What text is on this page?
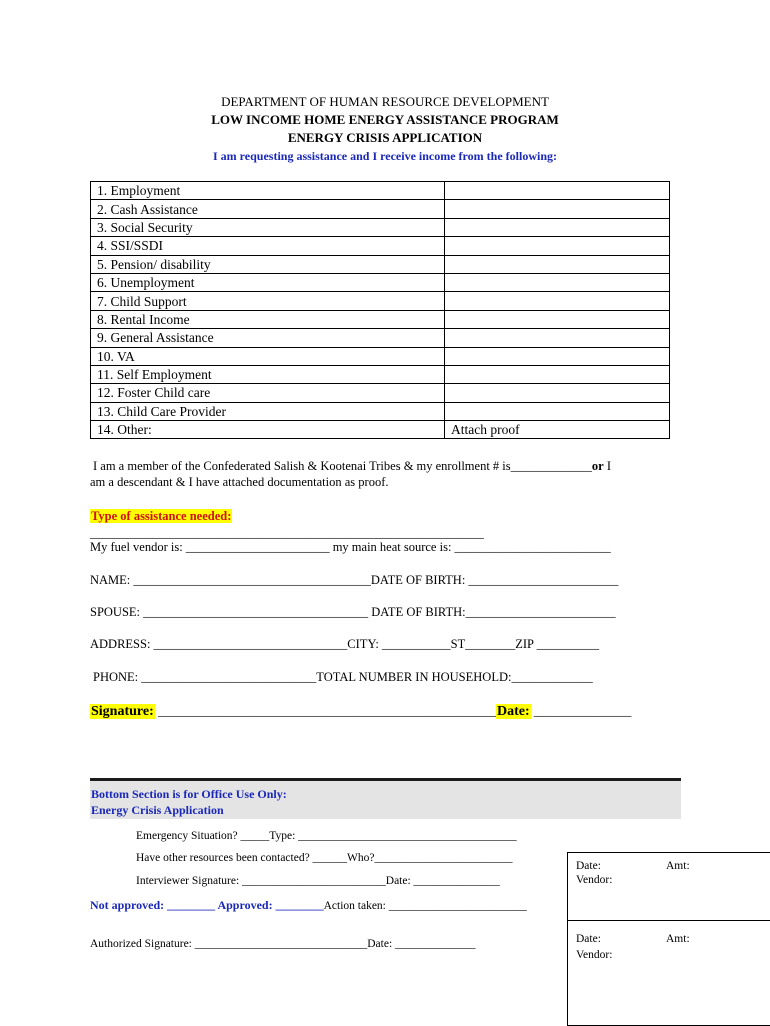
DEPARTMENT OF HUMAN RESOURCE DEVELOPMENT
LOW INCOME HOME ENERGY ASSISTANCE PROGRAM
ENERGY CRISIS APPLICATION
I am requesting assistance and I receive income from the following:
1. Employment	
2. Cash Assistance	
3. Social Security	
4. SSI/SSDI	
5. Pension/ disability	
6. Unemployment	
7. Child Support	
8. Rental Income	
9. General Assistance	
10. VA	
11. Self Employment	
12. Foster Child care	
13. Child Care Provider	
14. Other:	Attach proof
I am a member of the Confederated Salish & Kootenai Tribes & my enrollment # is_____________or I
am a descendant & I have attached documentation as proof.
Type of assistance needed:
_______________________________________________________________
My fuel vendor is: _______________________ my main heat source is: _________________________
NAME: ______________________________________DATE OF BIRTH: ________________________
SPOUSE: ____________________________________ DATE OF BIRTH:________________________
ADDRESS: _______________________________CITY: ___________ST________ZIP __________
PHONE: ____________________________TOTAL NUMBER IN HOUSEHOLD:_____________
Signature: ____________________________________________________Date: _______________
Bottom Section is for Office Use Only:
Energy Crisis Application
Emergency Situation? _____Type: ______________________________________
Have other resources been contacted? ______Who?________________________
Interviewer Signature: _________________________Date: _______________
Not approved: ________ Approved: ________Action taken: ________________________
Authorized Signature: ______________________________Date: ______________
Date:	Amt:
Vendor:
Date:	Amt:
Vendor:
